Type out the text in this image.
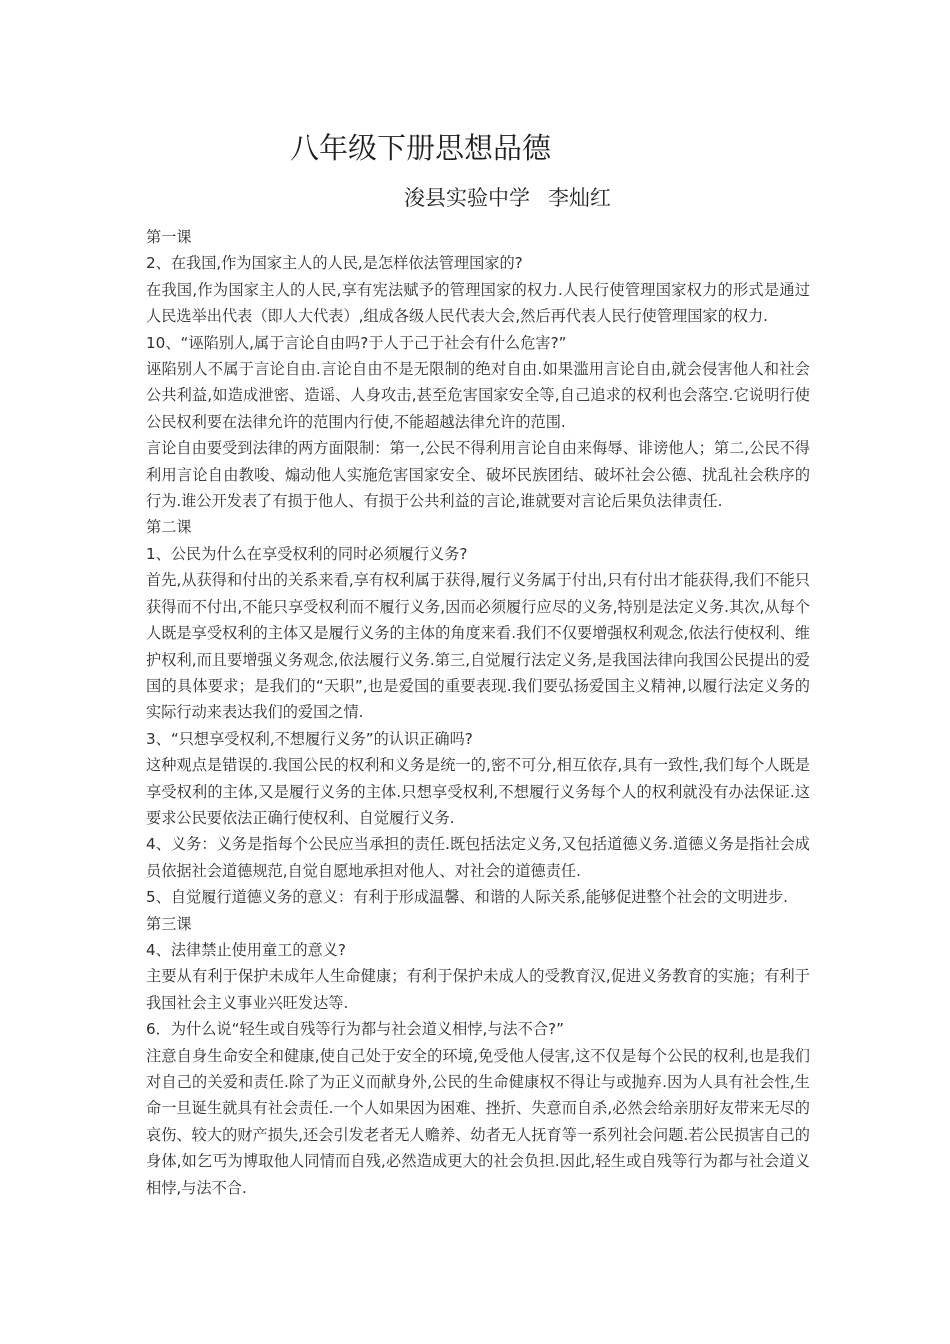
八年级下册思想品德
浚县实验中学 李灿红

第一课

2、在我国,作为国家主人的人民,是怎样依法管理国家的?

在我国,作为国家主人的人民,享有宪法赋予的管理国家的权力.人民行使管理国家权力的形式是通过人民选举出代表（即人大代表）,组成各级人民代表大会,然后再代表人民行使管理国家的权力.

10、“诬陷别人,属于言论自由吗?于人于己于社会有什么危害?”

诬陷别人不属于言论自由.言论自由不是无限制的绝对自由.如果滥用言论自由,就会侵害他人和社会公共利益,如造成泄密、造谣、人身攻击,甚至危害国家安全等,自己追求的权利也会落空.它说明行使公民权利要在法律允许的范围内行使,不能超越法律允许的范围.

言论自由要受到法律的两方面限制：第一,公民不得利用言论自由来侮辱、诽谤他人；第二,公民不得利用言论自由教唆、煽动他人实施危害国家安全、破坏民族团结、破坏社会公德、扰乱社会秩序的行为.谁公开发表了有损于他人、有损于公共利益的言论,谁就要对言论后果负法律责任.

第二课

1、公民为什么在享受权利的同时必须履行义务?

首先,从获得和付出的关系来看,享有权利属于获得,履行义务属于付出,只有付出才能获得,我们不能只获得而不付出,不能只享受权利而不履行义务,因而必须履行应尽的义务,特别是法定义务.其次,从每个人既是享受权利的主体又是履行义务的主体的角度来看.我们不仅要增强权利观念,依法行使权利、维护权利,而且要增强义务观念,依法履行义务.第三,自觉履行法定义务,是我国法律向我国公民提出的爱国的具体要求；是我们的“天职”,也是爱国的重要表现.我们要弘扬爱国主义精神,以履行法定义务的实际行动来表达我们的爱国之情.

3、“只想享受权利,不想履行义务”的认识正确吗?

这种观点是错误的.我国公民的权利和义务是统一的,密不可分,相互依存,具有一致性,我们每个人既是享受权利的主体,又是履行义务的主体.只想享受权利,不想履行义务每个人的权利就没有办法保证.这要求公民要依法正确行使权利、自觉履行义务.

4、义务：义务是指每个公民应当承担的责任.既包括法定义务,又包括道德义务.道德义务是指社会成员依据社会道德规范,自觉自愿地承担对他人、对社会的道德责任.

5、自觉履行道德义务的意义：有利于形成温馨、和谐的人际关系,能够促进整个社会的文明进步.

第三课

4、法律禁止使用童工的意义?

主要从有利于保护未成年人生命健康；有利于保护未成人的受教育汉,促进义务教育的实施；有利于我国社会主义事业兴旺发达等.

6．为什么说“轻生或自残等行为都与社会道义相悖,与法不合?”

注意自身生命安全和健康,使自己处于安全的环境,免受他人侵害,这不仅是每个公民的权利,也是我们对自己的关爱和责任.除了为正义而献身外,公民的生命健康权不得让与或抛弃.因为人具有社会性,生命一旦诞生就具有社会责任.一个人如果因为困难、挫折、失意而自杀,必然会给亲朋好友带来无尽的哀伤、较大的财产损失,还会引发老者无人赡养、幼者无人抚育等一系列社会问题.若公民损害自己的身体,如乞丐为博取他人同情而自残,必然造成更大的社会负担.因此,轻生或自残等行为都与社会道义相悖,与法不合.
